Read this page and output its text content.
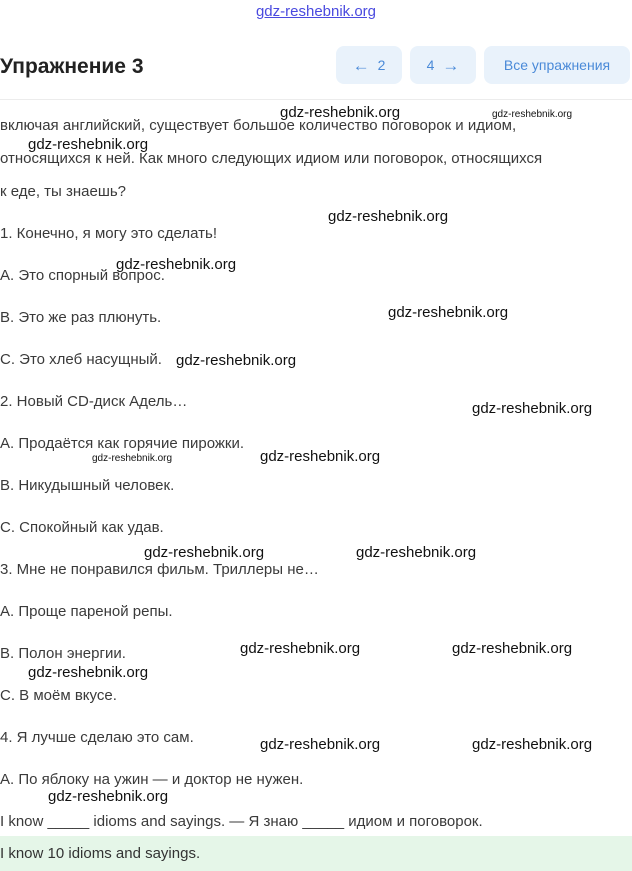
gdz-reshebnik.org
Упражнение 3	← 2	4 →	Все упражнения
включая английский, существует большое количество поговорок и идиом,
относящихся к ней. Как много следующих идиом или поговорок, относящихся
к еде, ты знаешь?
1. Конечно, я могу это сделать!
A. Это спорный вопрос.
B. Это же раз плюнуть.
C. Это хлеб насущный.
2. Новый CD-диск Адель…
A. Продаётся как горячие пирожки.
B. Никудышный человек.
C. Спокойный как удав.
3. Мне не понравился фильм. Триллеры не…
A. Проще пареной репы.
B. Полон энергии.
C. В моём вкусе.
4. Я лучше сделаю это сам.
A. По яблоку на ужин — и доктор не нужен.
I know _____ idioms and sayings. — Я знаю _____ идиом и поговорок.
I know 10 idioms and sayings.
gdz-reshebnik.org	gdz-reshebnik.org
gdz-reshebnik.org
gdz-reshebnik.org
gdz-reshebnik.org
gdz-reshebnik.org
gdz-reshebnik.org
gdz-reshebnik.org
gdz-reshebnik.org	gdz-reshebnik.org
gdz-reshebnik.org	gdz-reshebnik.org
gdz-reshebnik.org	gdz-reshebnik.org
gdz-reshebnik.org
gdz-reshebnik.org	gdz-reshebnik.org
gdz-reshebnik.org
